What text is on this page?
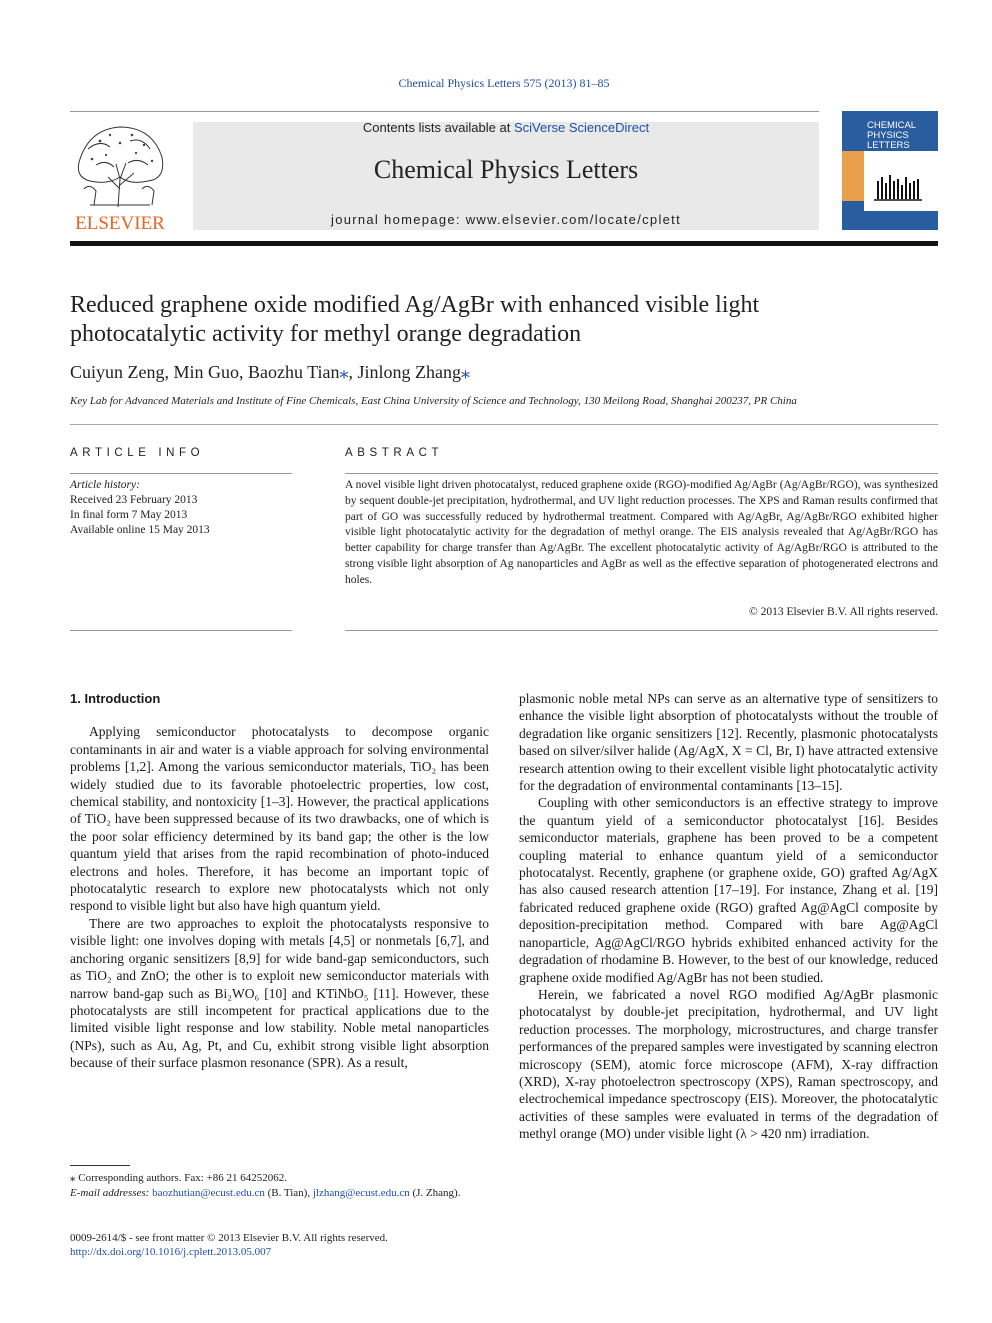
Chemical Physics Letters 575 (2013) 81–85
ELSEVIER
Contents lists available at SciVerse ScienceDirect
Chemical Physics Letters
journal homepage: www.elsevier.com/locate/cplett
CHEMICAL
PHYSICS
LETTERS
Reduced graphene oxide modified Ag/AgBr with enhanced visible light
photocatalytic activity for methyl orange degradation
Cuiyun Zeng, Min Guo, Baozhu Tian⁎, Jinlong Zhang⁎
Key Lab for Advanced Materials and Institute of Fine Chemicals, East China University of Science and Technology, 130 Meilong Road, Shanghai 200237, PR China
ARTICLE INFO	ABSTRACT
Article history:
Received 23 February 2013
In final form 7 May 2013
Available online 15 May 2013
A novel visible light driven photocatalyst, reduced graphene oxide (RGO)-modified Ag/AgBr (Ag/AgBr/RGO), was synthesized by sequent double-jet precipitation, hydrothermal, and UV light reduction processes. The XPS and Raman results confirmed that part of GO was successfully reduced by hydrothermal treatment. Compared with Ag/AgBr, Ag/AgBr/RGO exhibited higher visible light photocatalytic activity for the degradation of methyl orange. The EIS analysis revealed that Ag/AgBr/RGO has better capability for charge transfer than Ag/AgBr. The excellent photocatalytic activity of Ag/AgBr/RGO is attributed to the strong visible light absorption of Ag nanoparticles and AgBr as well as the effective separation of photogenerated electrons and holes.
© 2013 Elsevier B.V. All rights reserved.

1. Introduction

Applying semiconductor photocatalysts to decompose organic contaminants in air and water is a viable approach for solving environmental problems [1,2]. Among the various semiconductor materials, TiO₂ has been widely studied due to its favorable photoelectric properties, low cost, chemical stability, and nontoxicity [1–3]. However, the practical applications of TiO₂ have been suppressed because of its two drawbacks, one of which is the poor solar efficiency determined by its band gap; the other is the low quantum yield that arises from the rapid recombination of photo-induced electrons and holes. Therefore, it has become an important topic of photocatalytic research to explore new photocatalysts which not only respond to visible light but also have high quantum yield.

There are two approaches to exploit the photocatalysts responsive to visible light: one involves doping with metals [4,5] or nonmetals [6,7], and anchoring organic sensitizers [8,9] for wide band-gap semiconductors, such as TiO₂ and ZnO; the other is to exploit new semiconductor materials with narrow band-gap such as Bi₂WO₆ [10] and KTiNbO₅ [11]. However, these photocatalysts are still incompetent for practical applications due to the limited visible light response and low stability. Noble metal nanoparticles (NPs), such as Au, Ag, Pt, and Cu, exhibit strong visible light absorption because of their surface plasmon resonance (SPR). As a result,

plasmonic noble metal NPs can serve as an alternative type of sensitizers to enhance the visible light absorption of photocatalysts without the trouble of degradation like organic sensitizers [12]. Recently, plasmonic photocatalysts based on silver/silver halide (Ag/AgX, X = Cl, Br, I) have attracted extensive research attention owing to their excellent visible light photocatalytic activity for the degradation of environmental contaminants [13–15].

Coupling with other semiconductors is an effective strategy to improve the quantum yield of a semiconductor photocatalyst [16]. Besides semiconductor materials, graphene has been proved to be a competent coupling material to enhance quantum yield of a semiconductor photocatalyst. Recently, graphene (or graphene oxide, GO) grafted Ag/AgX has also caused research attention [17–19]. For instance, Zhang et al. [19] fabricated reduced graphene oxide (RGO) grafted Ag@AgCl composite by deposition-precipitation method. Compared with bare Ag@AgCl nanoparticle, Ag@AgCl/RGO hybrids exhibited enhanced activity for the degradation of rhodamine B. However, to the best of our knowledge, reduced graphene oxide modified Ag/AgBr has not been studied.

Herein, we fabricated a novel RGO modified Ag/AgBr plasmonic photocatalyst by double-jet precipitation, hydrothermal, and UV light reduction processes. The morphology, microstructures, and charge transfer performances of the prepared samples were investigated by scanning electron microscopy (SEM), atomic force microscope (AFM), X-ray diffraction (XRD), X-ray photoelectron spectroscopy (XPS), Raman spectroscopy, and electrochemical impedance spectroscopy (EIS). Moreover, the photocatalytic activities of these samples were evaluated in terms of the degradation of methyl orange (MO) under visible light (λ > 420 nm) irradiation.

⁎ Corresponding authors. Fax: +86 21 64252062.
E-mail addresses: baozhutian@ecust.edu.cn (B. Tian), jlzhang@ecust.edu.cn (J. Zhang).
0009-2614/$ - see front matter © 2013 Elsevier B.V. All rights reserved.
http://dx.doi.org/10.1016/j.cplett.2013.05.007
